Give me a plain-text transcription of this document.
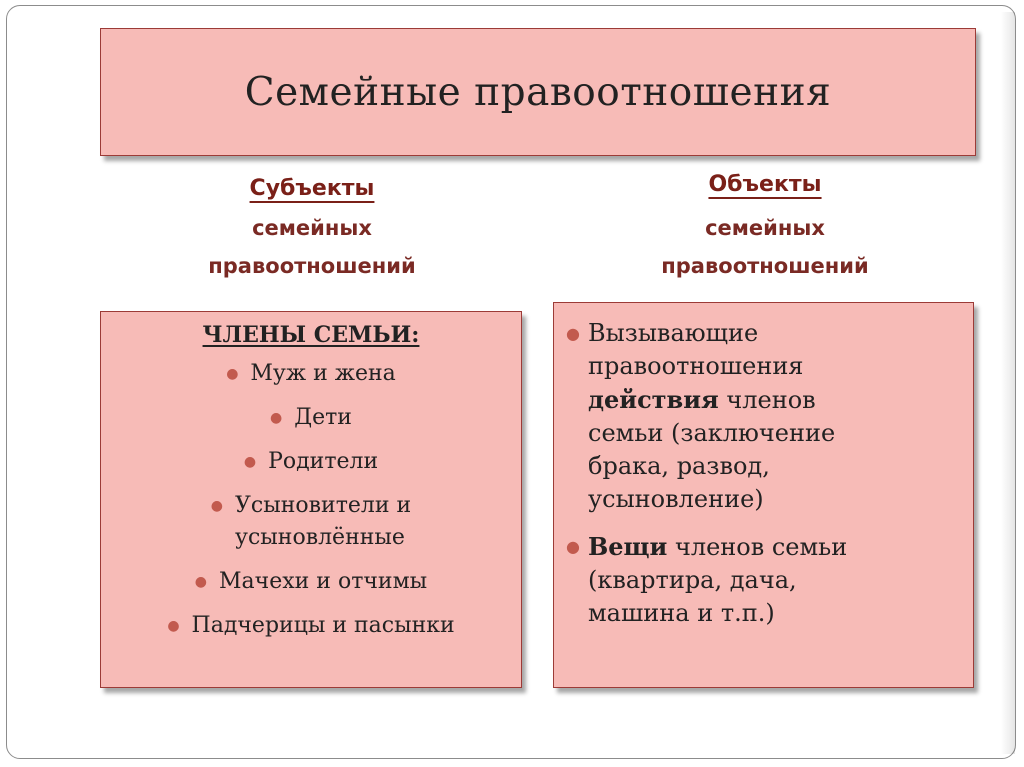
Семейные правоотношения
Субъекты
семейных
правоотношений
Объекты
семейных
правоотношений
ЧЛЕНЫ СЕМЬИ:
● Муж и жена
● Дети
● Родители
● Усыновители и
усыновлённые
● Мачехи и отчимы
● Падчерицы и пасынки
● Вызывающие
правоотношения
действия членов
семьи (заключение
брака, развод,
усыновление)
● Вещи членов семьи
(квартира, дача,
машина и т.п.)
